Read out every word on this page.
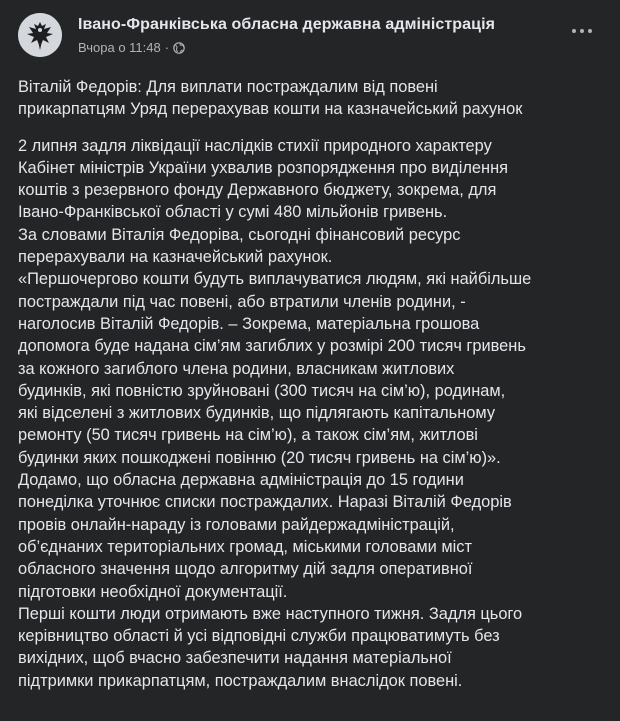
Івано-Франківська обласна державна адміністрація
Вчора о 11:48 ·

Віталій Федорів: Для виплати постраждалим від повені
прикарпатцям Уряд перерахував кошти на казначейський рахунок

2 липня задля ліквідації наслідків стихії природного характеру
Кабінет міністрів України ухвалив розпорядження про виділення
коштів з резервного фонду Державного бюджету, зокрема, для
Івано-Франківської області у сумі 480 мільйонів гривень.
За словами Віталія Федоріва, сьогодні фінансовий ресурс
перерахували на казначейський рахунок.
«Першочергово кошти будуть виплачуватися людям, які найбільше
постраждали під час повені, або втратили членів родини, -
наголосив Віталій Федорів. – Зокрема, матеріальна грошова
допомога буде надана сім’ям загиблих у розмірі 200 тисяч гривень
за кожного загиблого члена родини, власникам житлових
будинків, які повністю зруйновані (300 тисяч на сім’ю), родинам,
які відселені з житлових будинків, що підлягають капітальному
ремонту (50 тисяч гривень на сім’ю), а також сім’ям, житлові
будинки яких пошкоджені повінню (20 тисяч гривень на сім’ю)».
Додамо, що обласна державна адміністрація до 15 години
понеділка уточнює списки постраждалих. Наразі Віталій Федорів
провів онлайн-нараду із головами райдержадміністрацій,
об’єднаних територіальних громад, міськими головами міст
обласного значення щодо алгоритму дій задля оперативної
підготовки необхідної документації.
Перші кошти люди отримають вже наступного тижня. Задля цього
керівництво області й усі відповідні служби працюватимуть без
вихідних, щоб вчасно забезпечити надання матеріальної
підтримки прикарпатцям, постраждалим внаслідок повені.
